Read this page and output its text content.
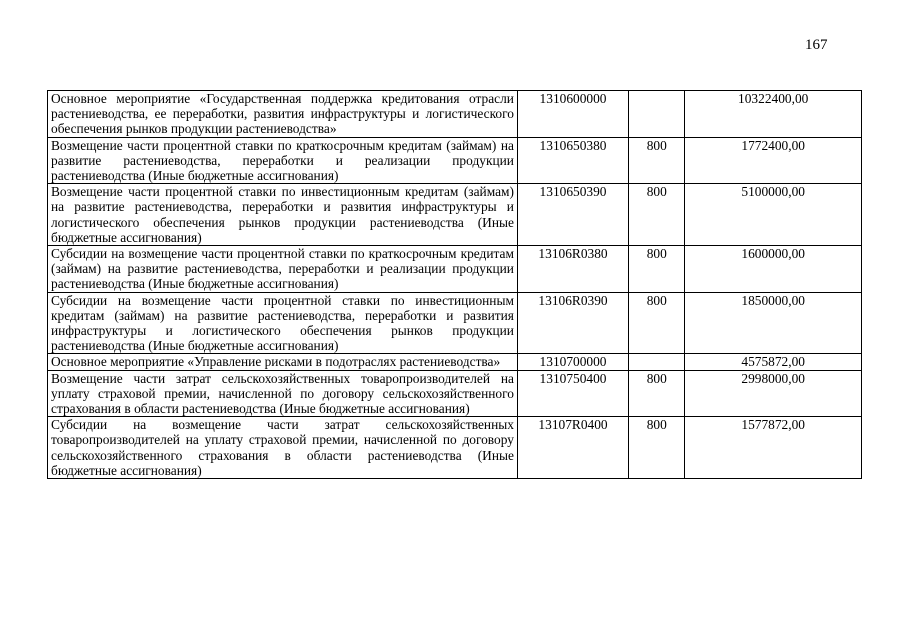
167
Основное мероприятие «Государственная поддержка кредитования отрасли растениеводства, ее переработки, развития инфраструктуры и логистического обеспечения рынков продукции растениеводства»	1310600000		10322400,00
Возмещение части процентной ставки по краткосрочным кредитам (займам) на развитие растениеводства, переработки и реализации продукции растениеводства (Иные бюджетные ассигнования)	1310650380	800	1772400,00
Возмещение части процентной ставки по инвестиционным кредитам (займам) на развитие растениеводства, переработки и развития инфраструктуры и логистического обеспечения рынков продукции растениеводства (Иные бюджетные ассигнования)	1310650390	800	5100000,00
Субсидии на возмещение части процентной ставки по краткосрочным кредитам (займам) на развитие растениеводства, переработки и реализации продукции растениеводства (Иные бюджетные ассигнования)	13106R0380	800	1600000,00
Субсидии на возмещение части процентной ставки по инвестиционным кредитам (займам) на развитие растениеводства, переработки и развития инфраструктуры и логистического обеспечения рынков продукции растениеводства (Иные бюджетные ассигнования)	13106R0390	800	1850000,00
Основное мероприятие «Управление рисками в подотраслях растениеводства»	1310700000		4575872,00
Возмещение части затрат сельскохозяйственных товаропроизводителей на уплату страховой премии, начисленной по договору сельскохозяйственного страхования в области растениеводства (Иные бюджетные ассигнования)	1310750400	800	2998000,00
Субсидии на возмещение части затрат сельскохозяйственных товаропроизводителей на уплату страховой премии, начисленной по договору сельскохозяйственного страхования в области растениеводства (Иные бюджетные ассигнования)	13107R0400	800	1577872,00
